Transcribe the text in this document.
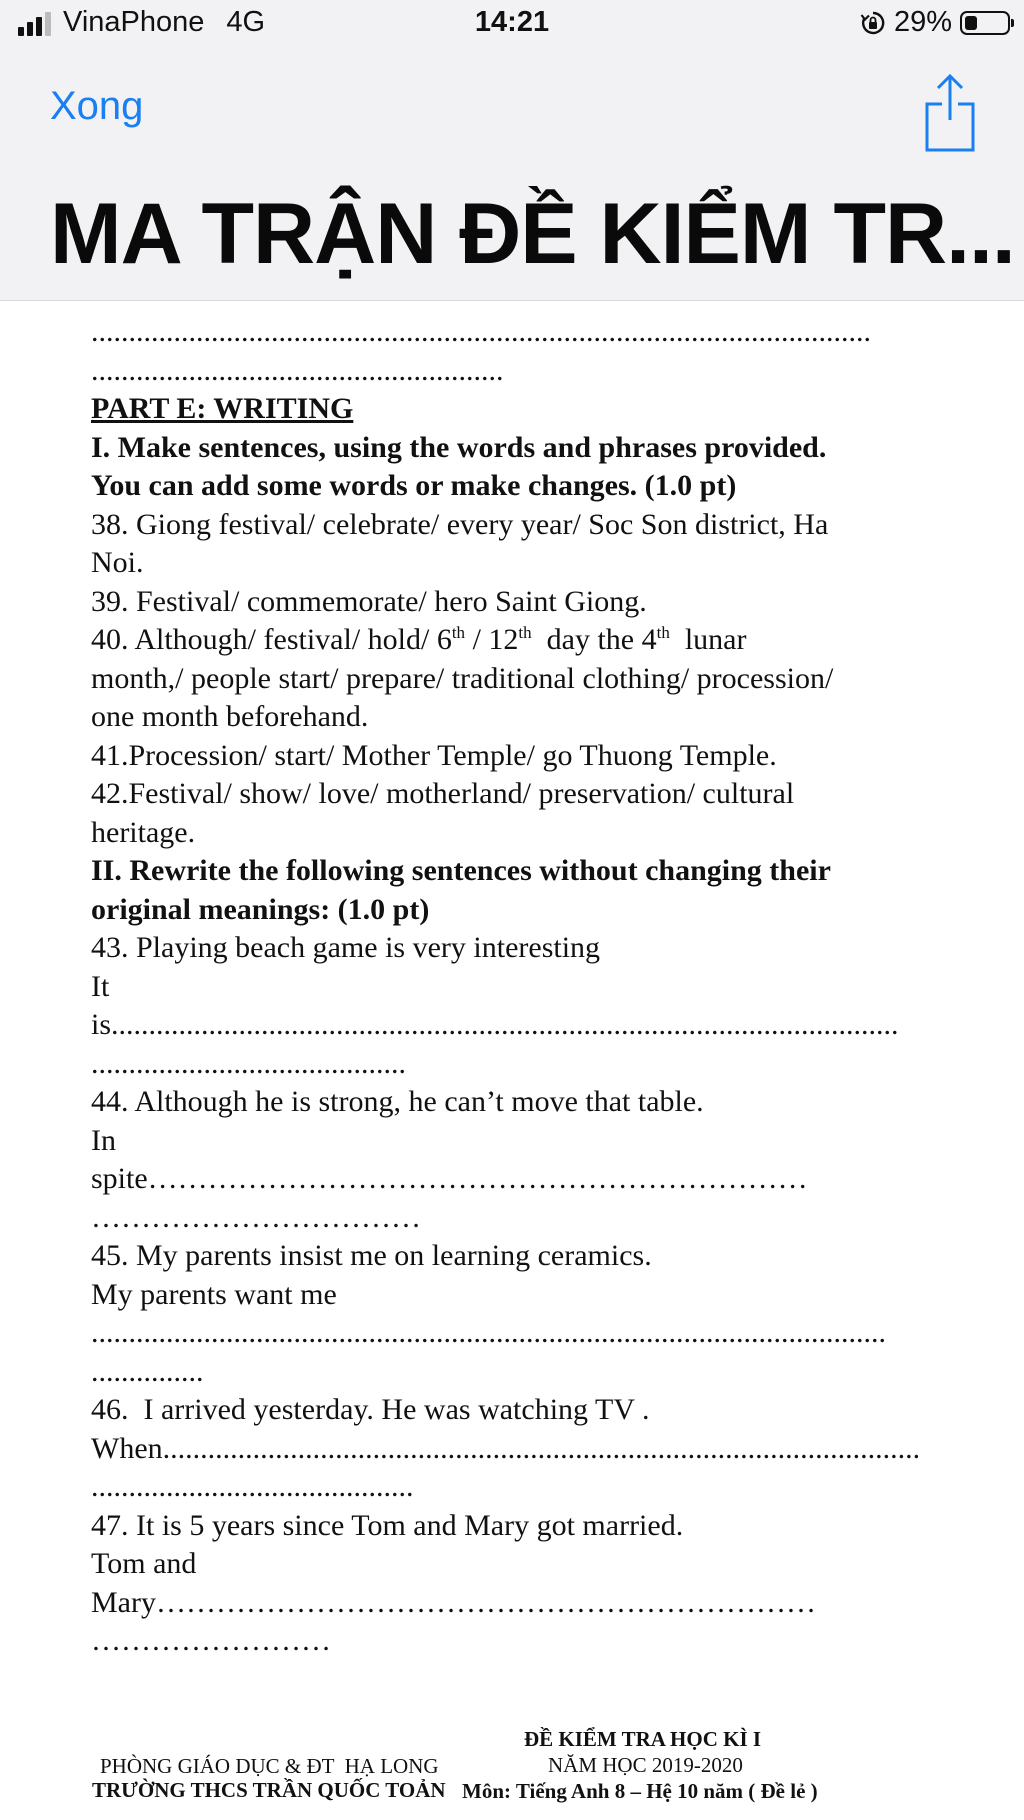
VinaPhone 4G	14:21	29%
Xong
MA TRẬN ĐỀ KIỂM TR...
........................................................................................................
.......................................................
PART E: WRITING
I. Make sentences, using the words and phrases provided.
You can add some words or make changes. (1.0 pt)
38. Giong festival/ celebrate/ every year/ Soc Son district, Ha
Noi.
39. Festival/ commemorate/ hero Saint Giong.
40. Although/ festival/ hold/ 6th / 12th  day the 4th  lunar
month,/ people start/ prepare/ traditional clothing/ procession/
one month beforehand.
41.Procession/ start/ Mother Temple/ go Thuong Temple.
42.Festival/ show/ love/ motherland/ preservation/ cultural
heritage.
II. Rewrite the following sentences without changing their
original meanings: (1.0 pt)
43. Playing beach game is very interesting
It
is.........................................................................................................
..........................................
44. Although he is strong, he can’t move that table.
In
spite…………………………………………………………
……………………………
45. My parents insist me on learning ceramics.
My parents want me
..........................................................................................................
...............
46.  I arrived yesterday. He was watching TV .
When.....................................................................................................
...........................................
47. It is 5 years since Tom and Mary got married.
Tom and
Mary…………………………………………………………
……………………
PHÒNG GIÁO DỤC & ĐT  HẠ LONG
TRƯỜNG THCS TRẦN QUỐC TOẢN
ĐỀ KIỂM TRA HỌC KÌ I
NĂM HỌC 2019-2020
Môn: Tiếng Anh 8 – Hệ 10 năm ( Đề lẻ )
